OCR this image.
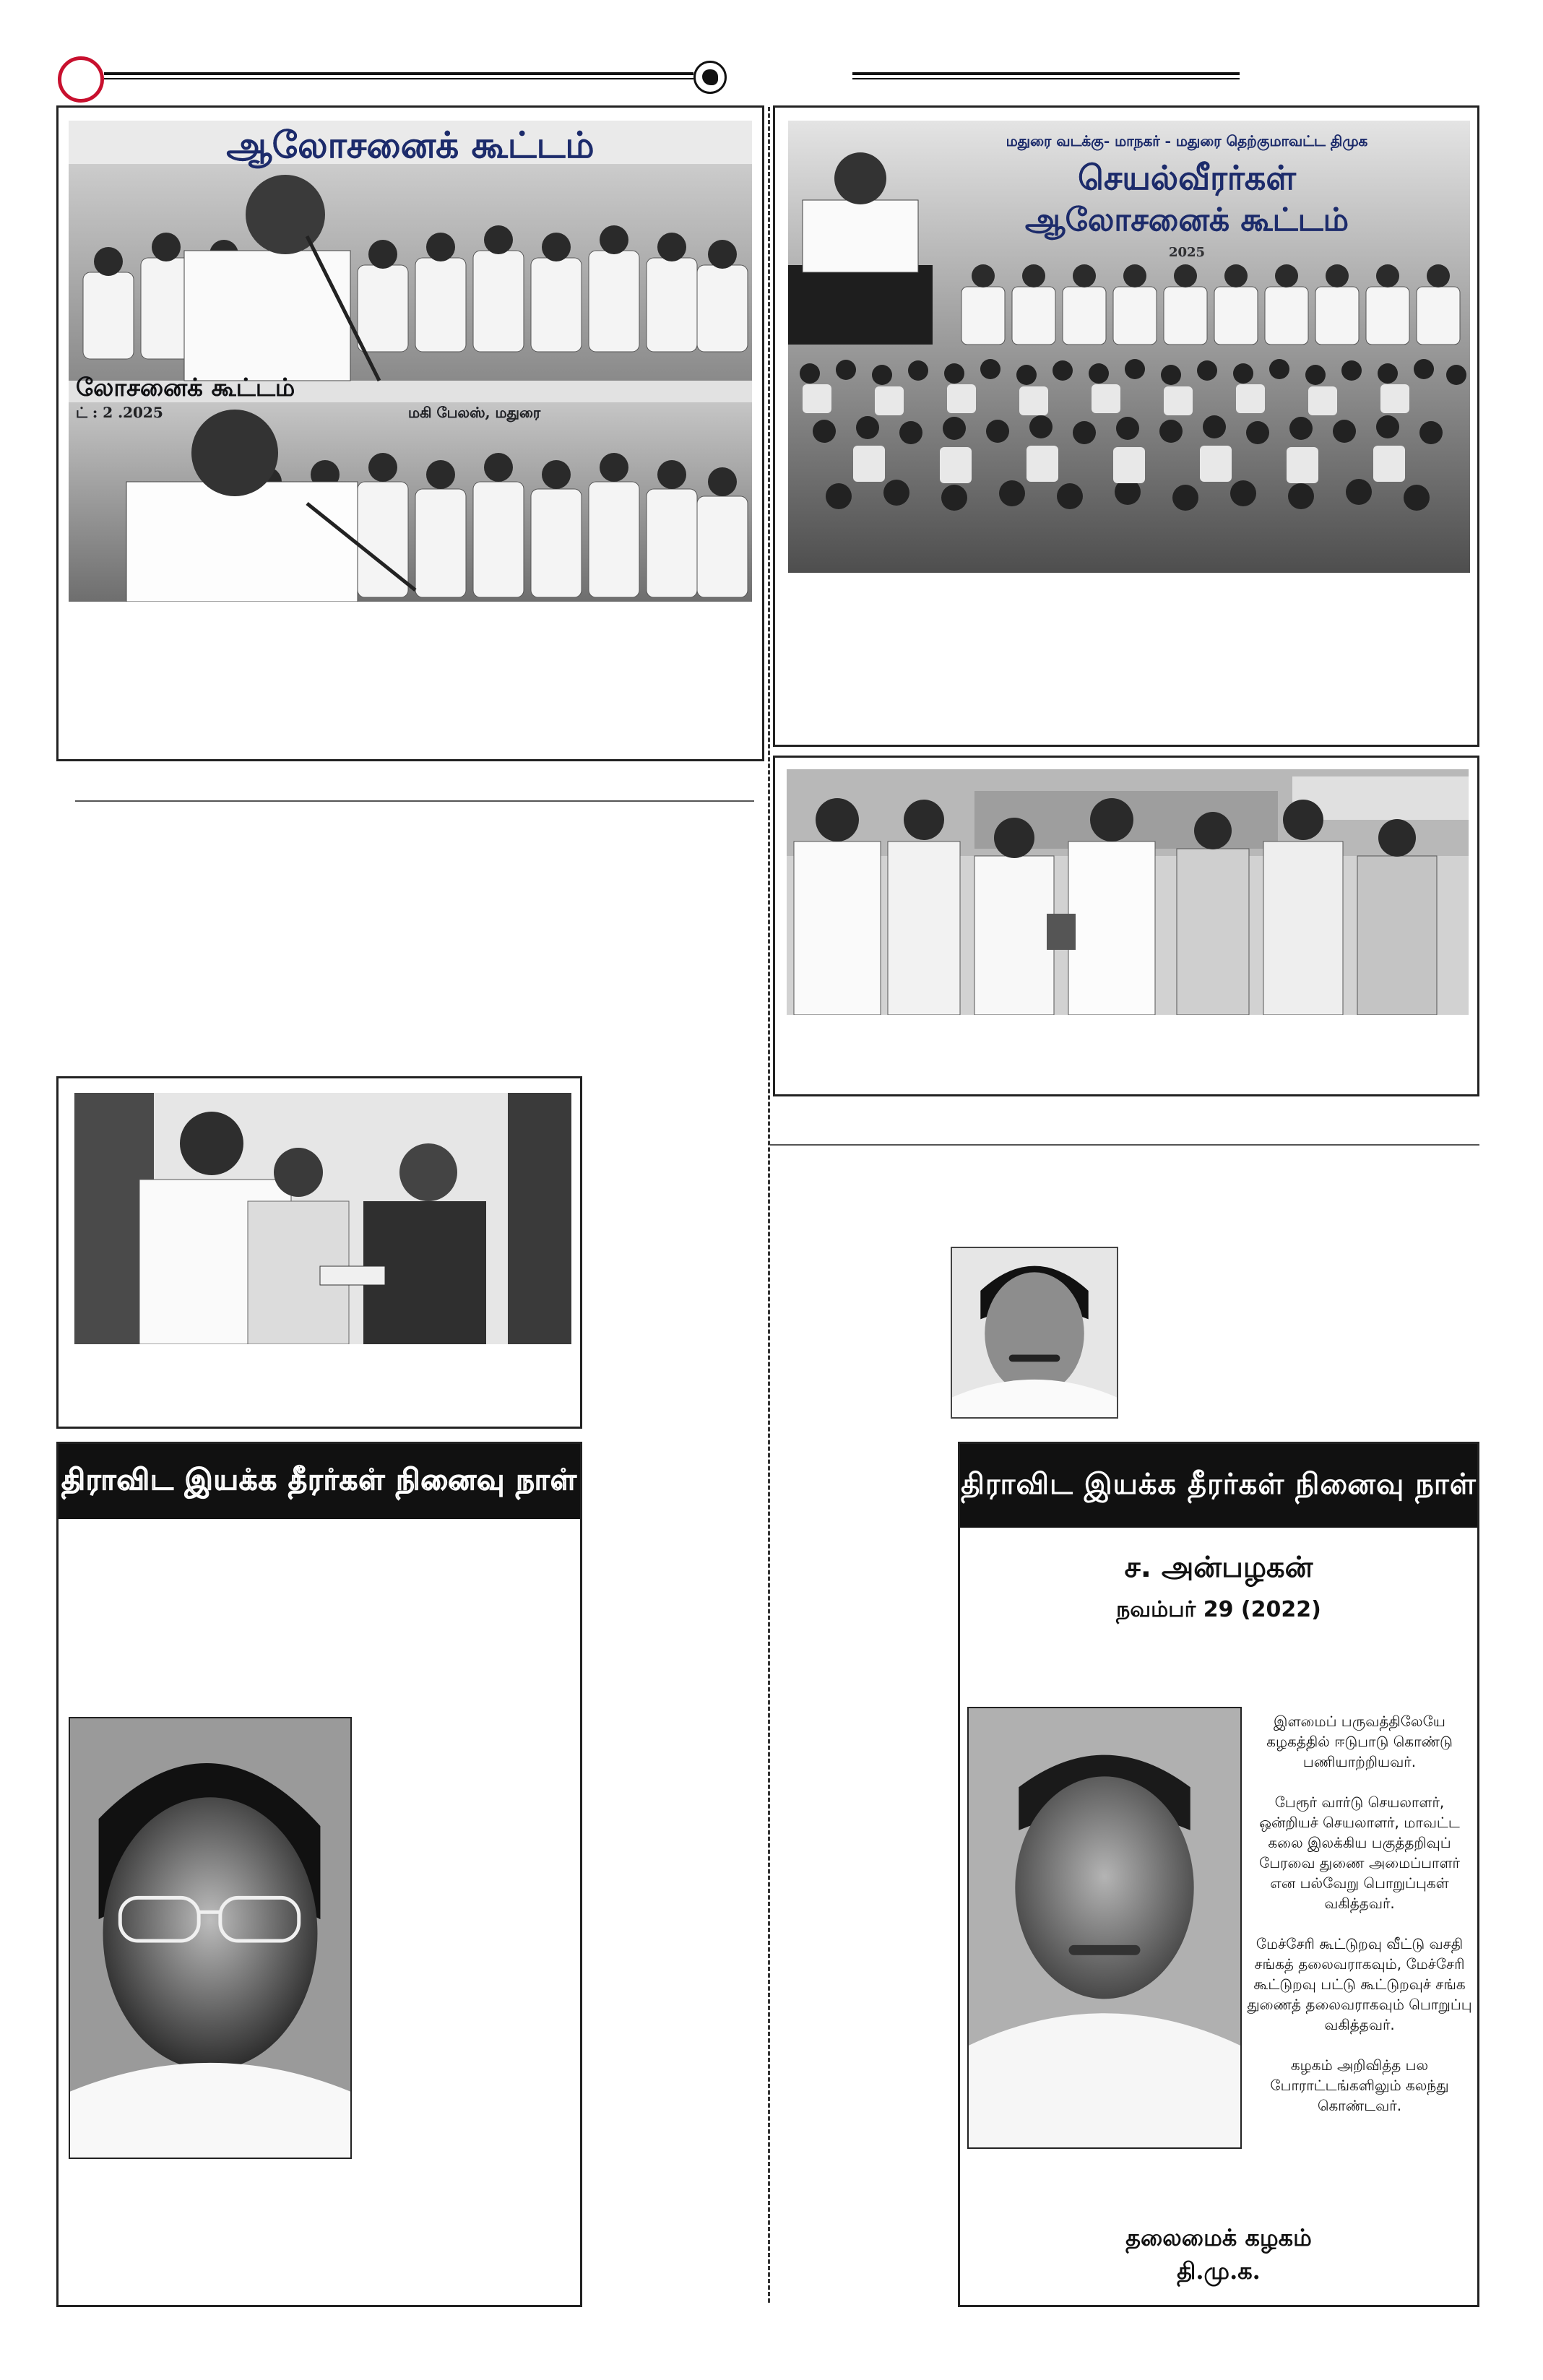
ஆலோசனைக் கூட்டம்
லோசனைக் கூட்டம்
ட் : 2 .2025	மகி பேலஸ், மதுரை
திராவிட இயக்க தீரர்கள் நினைவு நாள்
மதுரை வடக்கு- மாநகர் - மதுரை தெற்குமாவட்ட திமுக
செயல்வீரர்கள்
ஆலோசனைக் கூட்டம்
2025
திராவிட இயக்க தீரர்கள் நினைவு நாள்
ச. அன்பழகன்
நவம்பர் 29 (2022)

இளமைப் பருவத்திலேயே கழகத்தில் ஈடுபாடு கொண்டு பணியாற்றியவர்.

பேரூர் வார்டு செயலாளர், ஒன்றியச் செயலாளர், மாவட்ட கலை இலக்கிய பகுத்தறிவுப் பேரவை துணை அமைப்பாளர் என பல்வேறு பொறுப்புகள் வகித்தவர்.

மேச்சேரி கூட்டுறவு வீட்டு வசதி சங்கத் தலைவராகவும், மேச்சேரி கூட்டுறவு பட்டு கூட்டுறவுச் சங்க துணைத் தலைவராகவும் பொறுப்பு வகித்தவர்.

கழகம் அறிவித்த பல போராட்டங்களிலும் கலந்து கொண்டவர்.

தலைமைக் கழகம்
தி.மு.க.
